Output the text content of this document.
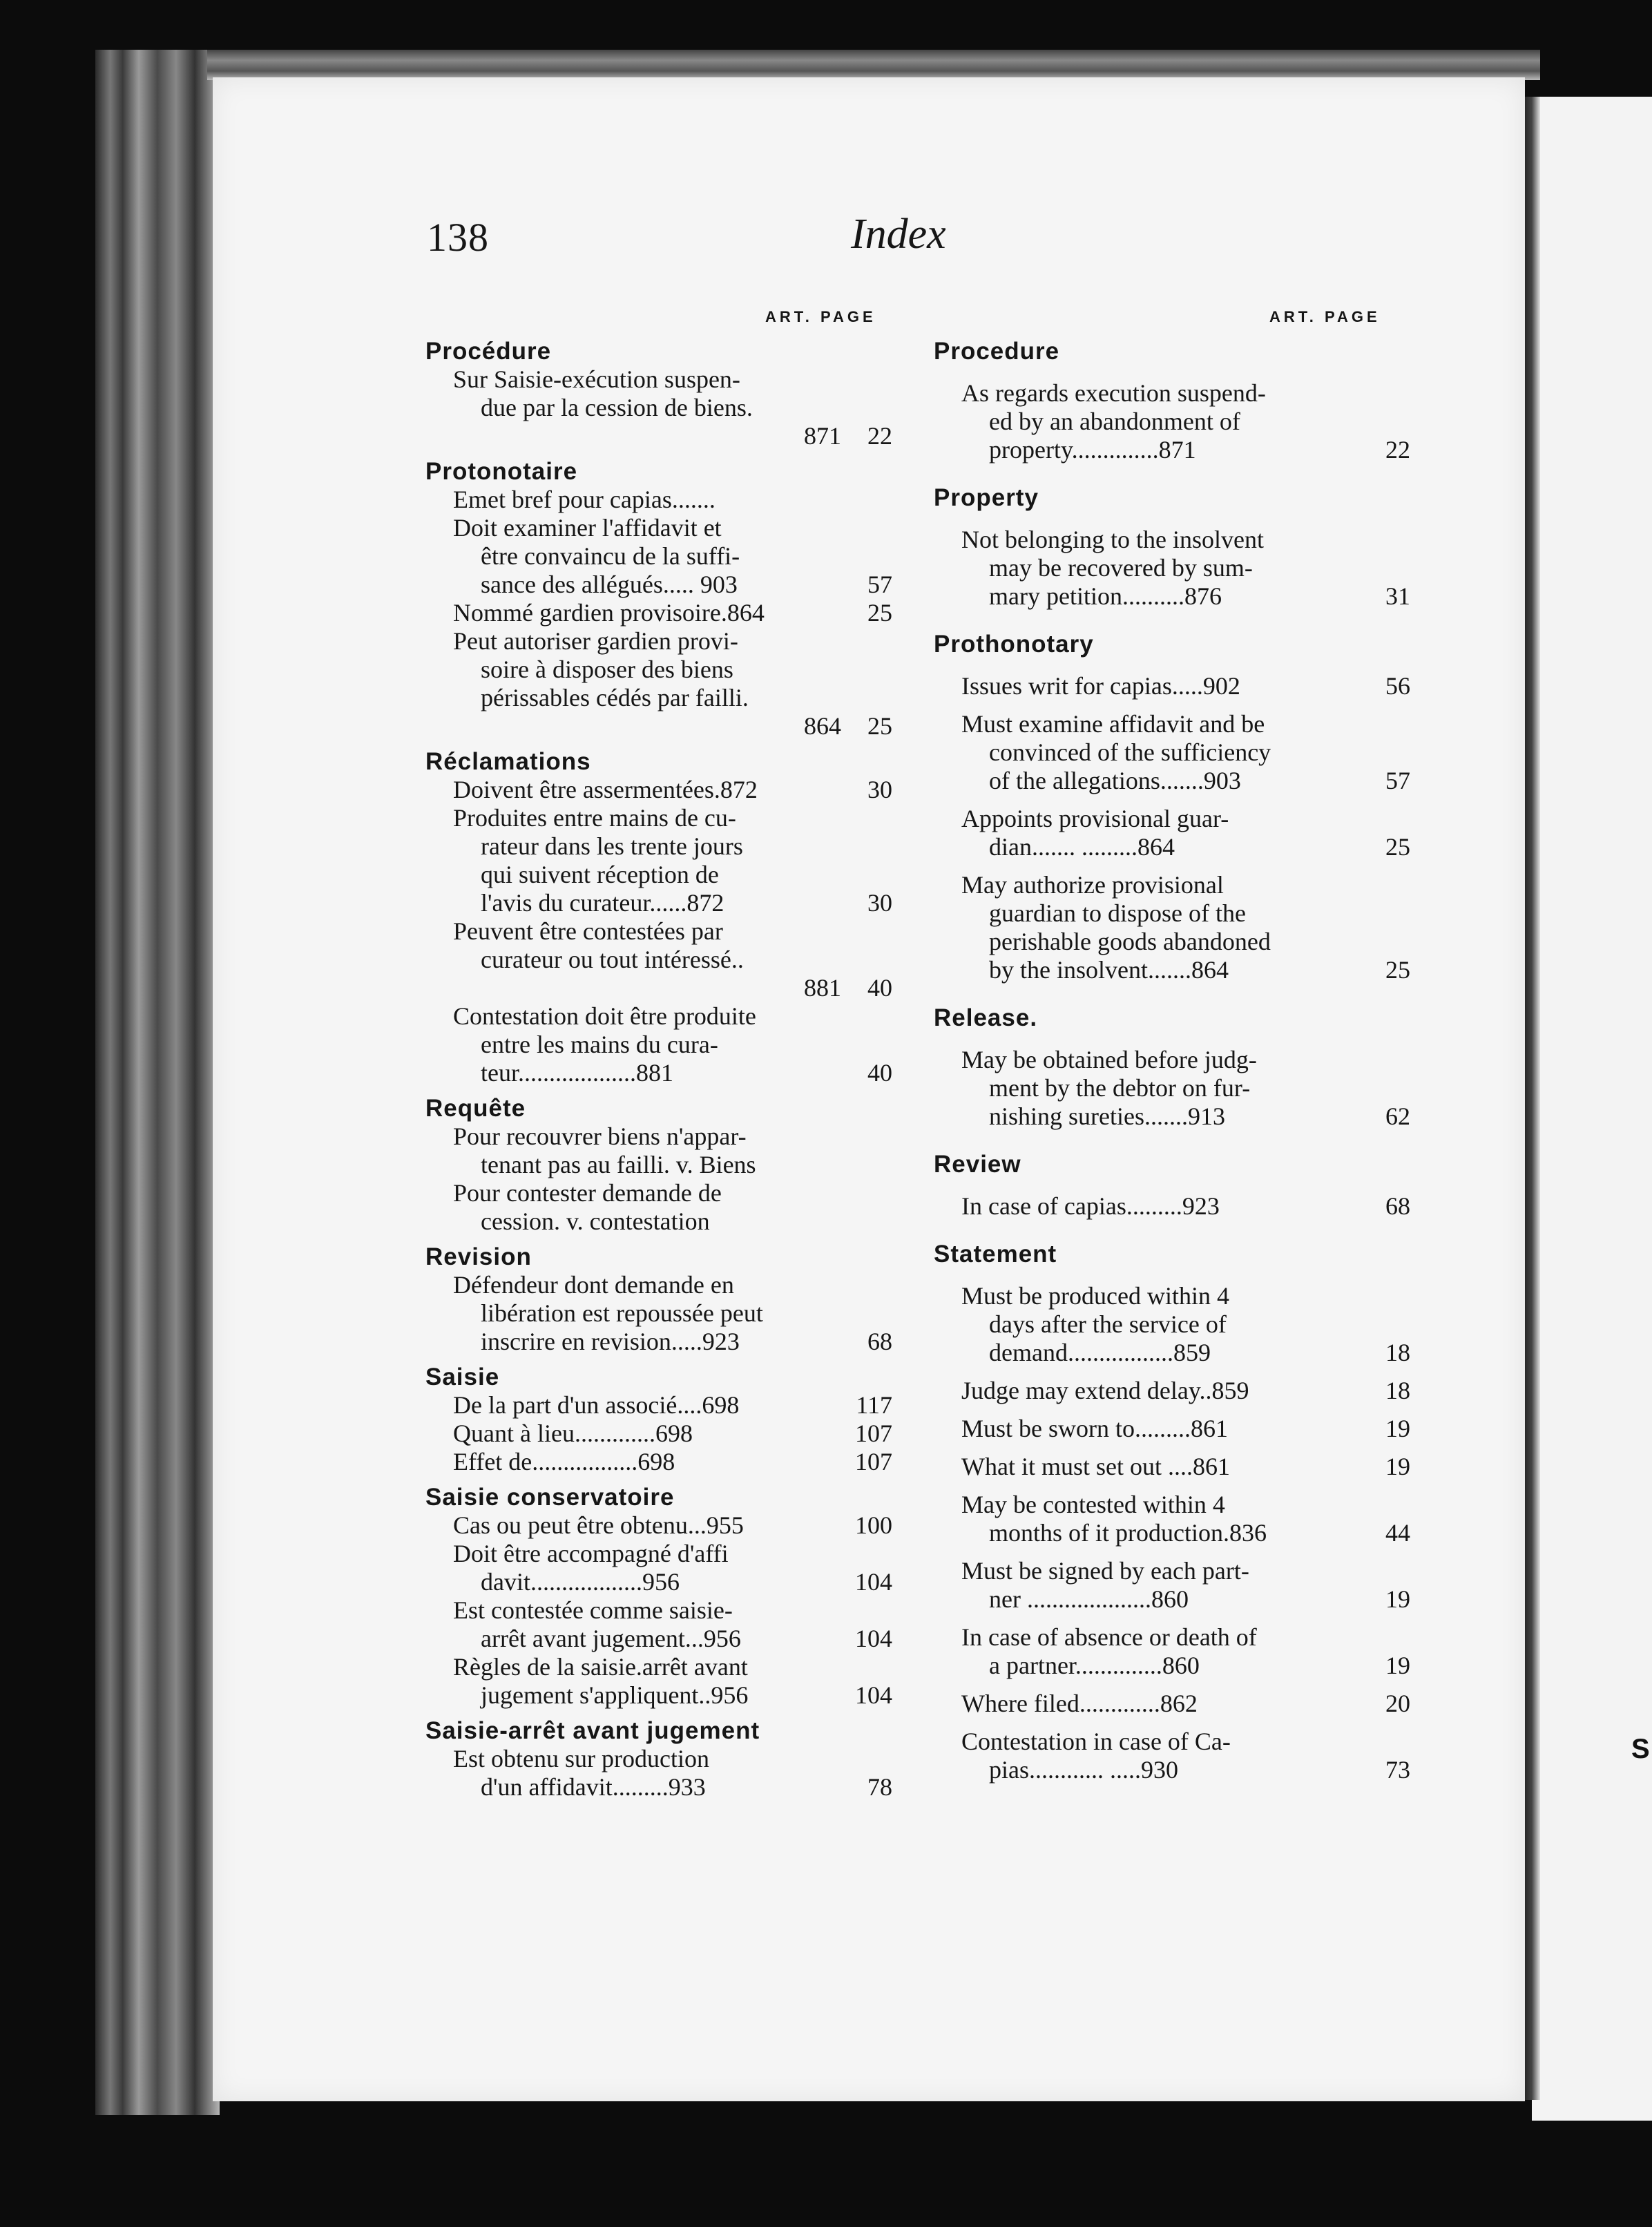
S
138	Index
ART. PAGE	ART. PAGE
Procédure
Sur Saisie-exécution suspen-
due par la cession de biens.
871	22
Protonotaire
Emet bref pour capias.......
Doit examiner l'affidavit et
être convaincu de la suffi-
sance des allégués..... 903	57
Nommé gardien provisoire.864	25
Peut autoriser gardien provi-
soire à disposer des biens
périssables cédés par failli.
864	25
Réclamations
Doivent être assermentées.872	30
Produites entre mains de cu-
rateur dans les trente jours
qui suivent réception de
l'avis du curateur......872	30
Peuvent être contestées par
curateur ou tout intéressé..
881	40
Contestation doit être produite
entre les mains du cura-
teur...................881	40
Requête
Pour recouvrer biens n'appar-
tenant pas au failli. v. Biens
Pour contester demande de
cession. v. contestation
Revision
Défendeur dont demande en
libération est repoussée peut
inscrire en revision.....923	68
Saisie
De la part d'un associé....698	117
Quant à lieu.............698	107
Effet de.................698	107
Saisie conservatoire
Cas ou peut être obtenu...955	100
Doit être accompagné d'affi
davit..................956	104
Est contestée comme saisie-
arrêt avant jugement...956	104
Règles de la saisie.arrêt avant
jugement s'appliquent..956	104
Saisie-arrêt avant jugement
Est obtenu sur production
d'un affidavit.........933	78
Procedure
As regards execution suspend-
ed by an abandonment of
property..............871	22
Property
Not belonging to the insolvent
may be recovered by sum-
mary petition..........876	31
Prothonotary
Issues writ for capias.....902	56
Must examine affidavit and be
convinced of the sufficiency
of the allegations.......903	57
Appoints provisional guar-
dian....... .........864	25
May authorize provisional
guardian to dispose of the
perishable goods abandoned
by the insolvent.......864	25
Release.
May be obtained before judg-
ment by the debtor on fur-
nishing sureties.......913	62
Review
In case of capias.........923	68
Statement
Must be produced within 4
days after the service of
demand.................859	18
Judge may extend delay..859	18
Must be sworn to.........861	19
What it must set out ....861	19
May be contested within 4
months of it production.836	44
Must be signed by each part-
ner ....................860	19
In case of absence or death of
a partner..............860	19
Where filed.............862	20
Contestation in case of Ca-
pias............ .....930	73
